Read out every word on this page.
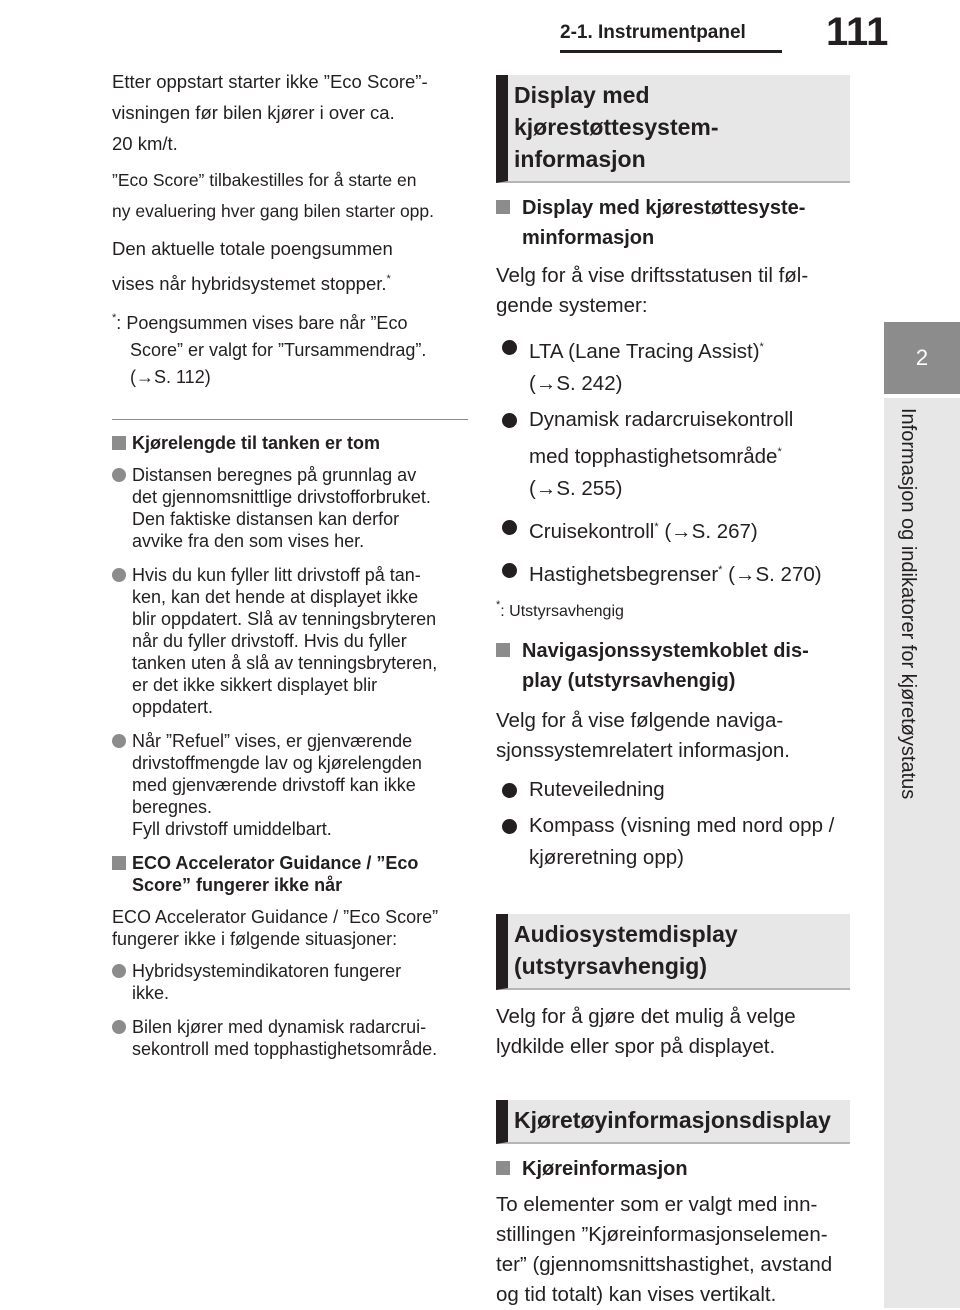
2-1. Instrumentpanel 111
2
Informasjon og indikatorer for kjøretøystatus

Etter oppstart starter ikke ”Eco Score”-
visningen før bilen kjører i over ca.
20 km/t.

”Eco Score” tilbakestilles for å starte en
ny evaluering hver gang bilen starter opp.

Den aktuelle totale poengsummen
vises når hybridsystemet stopper.*

*: Poengsummen vises bare når ”Eco
Score” er valgt for ”Tursammendrag”.
(→S. 112)

Kjørelengde til tanken er tom
Distansen beregnes på grunnlag av
det gjennomsnittlige drivstofforbruket.
Den faktiske distansen kan derfor
avvike fra den som vises her.
Hvis du kun fyller litt drivstoff på tan-
ken, kan det hende at displayet ikke
blir oppdatert. Slå av tenningsbryteren
når du fyller drivstoff. Hvis du fyller
tanken uten å slå av tenningsbryteren,
er det ikke sikkert displayet blir
oppdatert.
Når ”Refuel” vises, er gjenværende
drivstoffmengde lav og kjørelengden
med gjenværende drivstoff kan ikke
beregnes.
Fyll drivstoff umiddelbart.
ECO Accelerator Guidance / ”Eco
Score” fungerer ikke når

ECO Accelerator Guidance / ”Eco Score”
fungerer ikke i følgende situasjoner:

Hybridsystemindikatoren fungerer
ikke.
Bilen kjører med dynamisk radarcrui-
sekontroll med topphastighetsområde.
Display med
kjørestøttesystem-
informasjon
Display med kjørestøttesyste-
minformasjon

Velg for å vise driftsstatusen til føl-
gende systemer:

LTA (Lane Tracing Assist)*
(→S. 242)
Dynamisk radarcruisekontroll
med topphastighetsområde*
(→S. 255)
Cruisekontroll* (→S. 267)
Hastighetsbegrenser* (→S. 270)
*: Utstyrsavhengig
Navigasjonssystemkoblet dis-
play (utstyrsavhengig)

Velg for å vise følgende naviga-
sjonssystemrelatert informasjon.

Ruteveiledning
Kompass (visning med nord opp /
kjøreretning opp)
Audiosystemdisplay
(utstyrsavhengig)

Velg for å gjøre det mulig å velge
lydkilde eller spor på displayet.

Kjøretøyinformasjonsdisplay
Kjøreinformasjon

To elementer som er valgt med inn-
stillingen ”Kjøreinformasjonselemen-
ter” (gjennomsnittshastighet, avstand
og tid totalt) kan vises vertikalt.
